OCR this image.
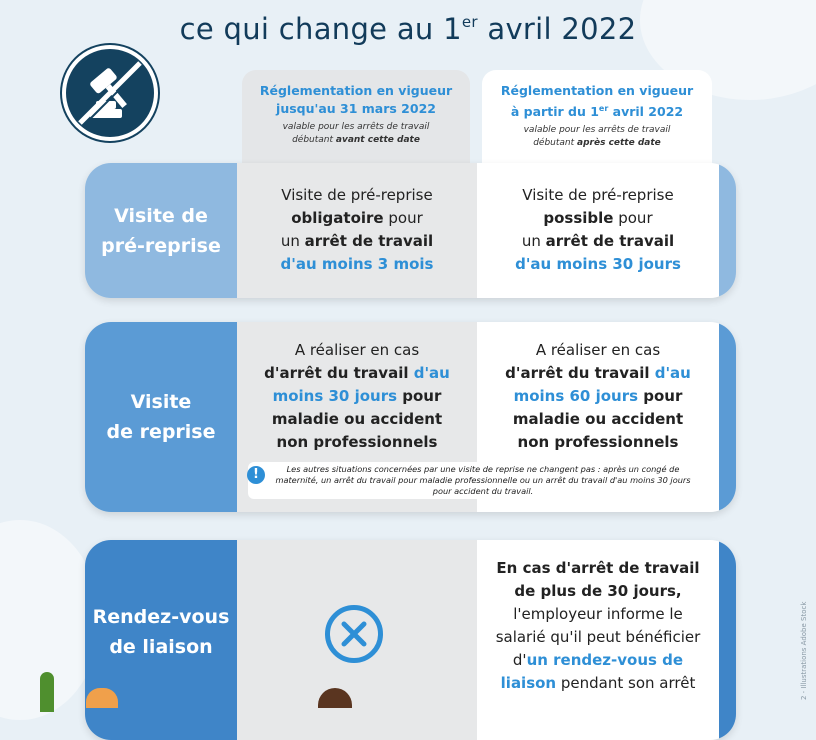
ce qui change au 1er avril 2022
Réglementation en vigueur
jusqu'au 31 mars 2022
valable pour les arrêts de travail
débutant avant cette date
Réglementation en vigueur
à partir du 1er avril 2022
valable pour les arrêts de travail
débutant après cette date
Visite de
pré-reprise
Visite de pré-reprise
obligatoire pour
un arrêt de travail
d'au moins 3 mois
Visite de pré-reprise
possible pour
un arrêt de travail
d'au moins 30 jours
Visite
de reprise
A réaliser en cas
d'arrêt du travail d'au
moins 30 jours pour
maladie ou accident
non professionnels
A réaliser en cas
d'arrêt du travail d'au
moins 60 jours pour
maladie ou accident
non professionnels
Les autres situations concernées par une visite de reprise ne changent pas : après un congé de maternité, un arrêt du travail pour maladie professionnelle ou un arrêt du travail d'au moins 30 jours pour accident du travail.
!
Rendez-vous
de liaison
En cas d'arrêt de travail
de plus de 30 jours,
l'employeur informe le
salarié qu'il peut bénéficier
d'un rendez-vous de
liaison pendant son arrêt	2 - Illustrations Adobe Stock
